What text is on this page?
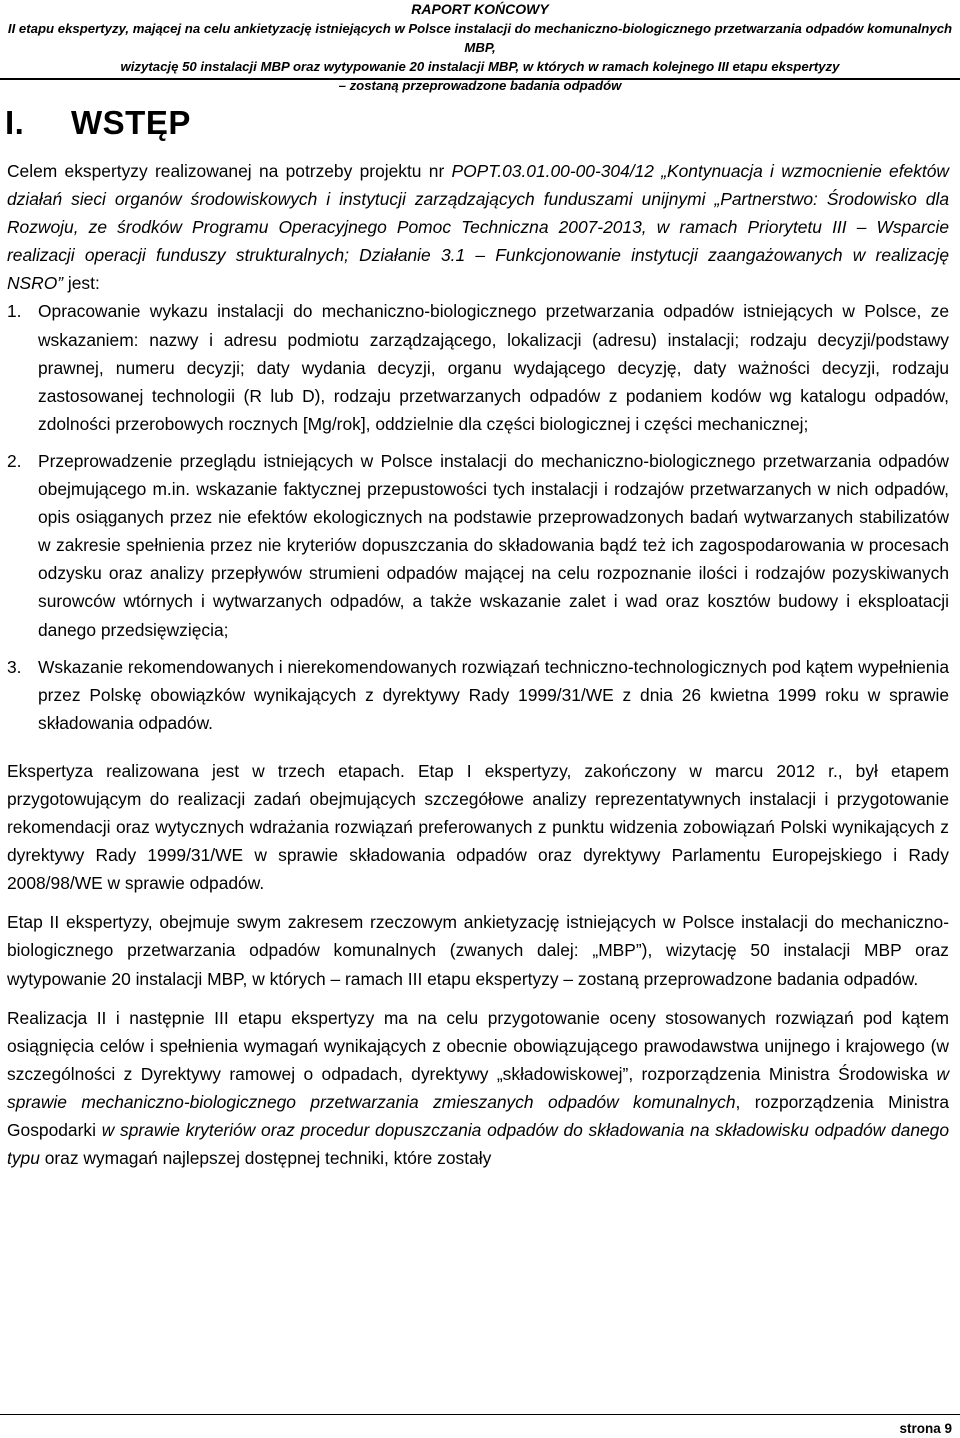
RAPORT KOŃCOWY
II etapu ekspertyzy, mającej na celu ankietyzację istniejących w Polsce instalacji do mechaniczno-biologicznego przetwarzania odpadów komunalnych MBP,
wizytację 50 instalacji MBP oraz wytypowanie 20 instalacji MBP, w których w ramach kolejnego III etapu ekspertyzy
– zostaną przeprowadzone badania odpadów
I. WSTĘP

Celem ekspertyzy realizowanej na potrzeby projektu nr POPT.03.01.00-00-304/12 „Kontynuacja i wzmocnienie efektów działań sieci organów środowiskowych i instytucji zarządzających funduszami unijnymi „Partnerstwo: Środowisko dla Rozwoju, ze środków Programu Operacyjnego Pomoc Techniczna 2007-2013, w ramach Priorytetu III – Wsparcie realizacji operacji funduszy strukturalnych; Działanie 3.1 – Funkcjonowanie instytucji zaangażowanych w realizację NSRO” jest:

1. Opracowanie wykazu instalacji do mechaniczno-biologicznego przetwarzania odpadów istniejących w Polsce, ze wskazaniem: nazwy i adresu podmiotu zarządzającego, lokalizacji (adresu) instalacji; rodzaju decyzji/podstawy prawnej, numeru decyzji; daty wydania decyzji, organu wydającego decyzję, daty ważności decyzji, rodzaju zastosowanej technologii (R lub D), rodzaju przetwarzanych odpadów z podaniem kodów wg katalogu odpadów, zdolności przerobowych rocznych [Mg/rok], oddzielnie dla części biologicznej i części mechanicznej;
2. Przeprowadzenie przeglądu istniejących w Polsce instalacji do mechaniczno-biologicznego przetwarzania odpadów obejmującego m.in. wskazanie faktycznej przepustowości tych instalacji i rodzajów przetwarzanych w nich odpadów, opis osiąganych przez nie efektów ekologicznych na podstawie przeprowadzonych badań wytwarzanych stabilizatów w zakresie spełnienia przez nie kryteriów dopuszczania do składowania bądź też ich zagospodarowania w procesach odzysku oraz analizy przepływów strumieni odpadów mającej na celu rozpoznanie ilości i rodzajów pozyskiwanych surowców wtórnych i wytwarzanych odpadów, a także wskazanie zalet i wad oraz kosztów budowy i eksploatacji danego przedsięwzięcia;
3. Wskazanie rekomendowanych i nierekomendowanych rozwiązań techniczno-technologicznych pod kątem wypełnienia przez Polskę obowiązków wynikających z dyrektywy Rady 1999/31/WE z dnia 26 kwietna 1999 roku w sprawie składowania odpadów.

Ekspertyza realizowana jest w trzech etapach. Etap I ekspertyzy, zakończony w marcu 2012 r., był etapem przygotowującym do realizacji zadań obejmujących szczegółowe analizy reprezentatywnych instalacji i przygotowanie rekomendacji oraz wytycznych wdrażania rozwiązań preferowanych z punktu widzenia zobowiązań Polski wynikających z dyrektywy Rady 1999/31/WE w sprawie składowania odpadów oraz dyrektywy Parlamentu Europejskiego i Rady 2008/98/WE w sprawie odpadów.

Etap II ekspertyzy, obejmuje swym zakresem rzeczowym ankietyzację istniejących w Polsce instalacji do mechaniczno-biologicznego przetwarzania odpadów komunalnych (zwanych dalej: „MBP”), wizytację 50 instalacji MBP oraz wytypowanie 20 instalacji MBP, w których – ramach III etapu ekspertyzy – zostaną przeprowadzone badania odpadów.

Realizacja II i następnie III etapu ekspertyzy ma na celu przygotowanie oceny stosowanych rozwiązań pod kątem osiągnięcia celów i spełnienia wymagań wynikających z obecnie obowiązującego prawodawstwa unijnego i krajowego (w szczególności z Dyrektywy ramowej o odpadach, dyrektywy „składowiskowej”, rozporządzenia Ministra Środowiska w sprawie mechaniczno-biologicznego przetwarzania zmieszanych odpadów komunalnych, rozporządzenia Ministra Gospodarki w sprawie kryteriów oraz procedur dopuszczania odpadów do składowania na składowisku odpadów danego typu oraz wymagań najlepszej dostępnej techniki, które zostały

strona 9
